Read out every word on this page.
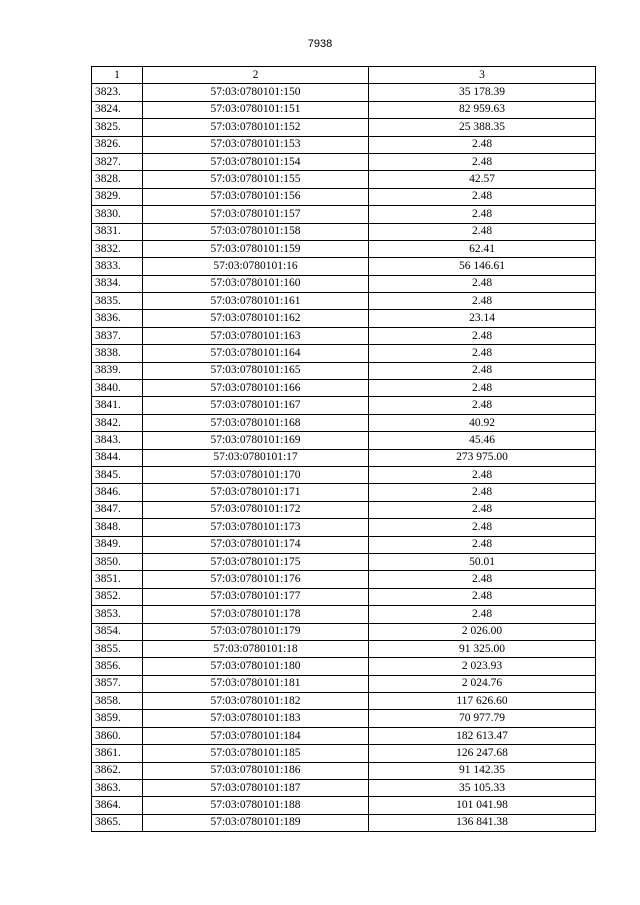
7938
1	2	3
3823.	57:03:0780101:150	35 178.39
3824.	57:03:0780101:151	82 959.63
3825.	57:03:0780101:152	25 388.35
3826.	57:03:0780101:153	2.48
3827.	57:03:0780101:154	2.48
3828.	57:03:0780101:155	42.57
3829.	57:03:0780101:156	2.48
3830.	57:03:0780101:157	2.48
3831.	57:03:0780101:158	2.48
3832.	57:03:0780101:159	62.41
3833.	57:03:0780101:16	56 146.61
3834.	57:03:0780101:160	2.48
3835.	57:03:0780101:161	2.48
3836.	57:03:0780101:162	23.14
3837.	57:03:0780101:163	2.48
3838.	57:03:0780101:164	2.48
3839.	57:03:0780101:165	2.48
3840.	57:03:0780101:166	2.48
3841.	57:03:0780101:167	2.48
3842.	57:03:0780101:168	40.92
3843.	57:03:0780101:169	45.46
3844.	57:03:0780101:17	273 975.00
3845.	57:03:0780101:170	2.48
3846.	57:03:0780101:171	2.48
3847.	57:03:0780101:172	2.48
3848.	57:03:0780101:173	2.48
3849.	57:03:0780101:174	2.48
3850.	57:03:0780101:175	50.01
3851.	57:03:0780101:176	2.48
3852.	57:03:0780101:177	2.48
3853.	57:03:0780101:178	2.48
3854.	57:03:0780101:179	2 026.00
3855.	57:03:0780101:18	91 325.00
3856.	57:03:0780101:180	2 023.93
3857.	57:03:0780101:181	2 024.76
3858.	57:03:0780101:182	117 626.60
3859.	57:03:0780101:183	70 977.79
3860.	57:03:0780101:184	182 613.47
3861.	57:03:0780101:185	126 247.68
3862.	57:03:0780101:186	91 142.35
3863.	57:03:0780101:187	35 105.33
3864.	57:03:0780101:188	101 041.98
3865.	57:03:0780101:189	136 841.38
